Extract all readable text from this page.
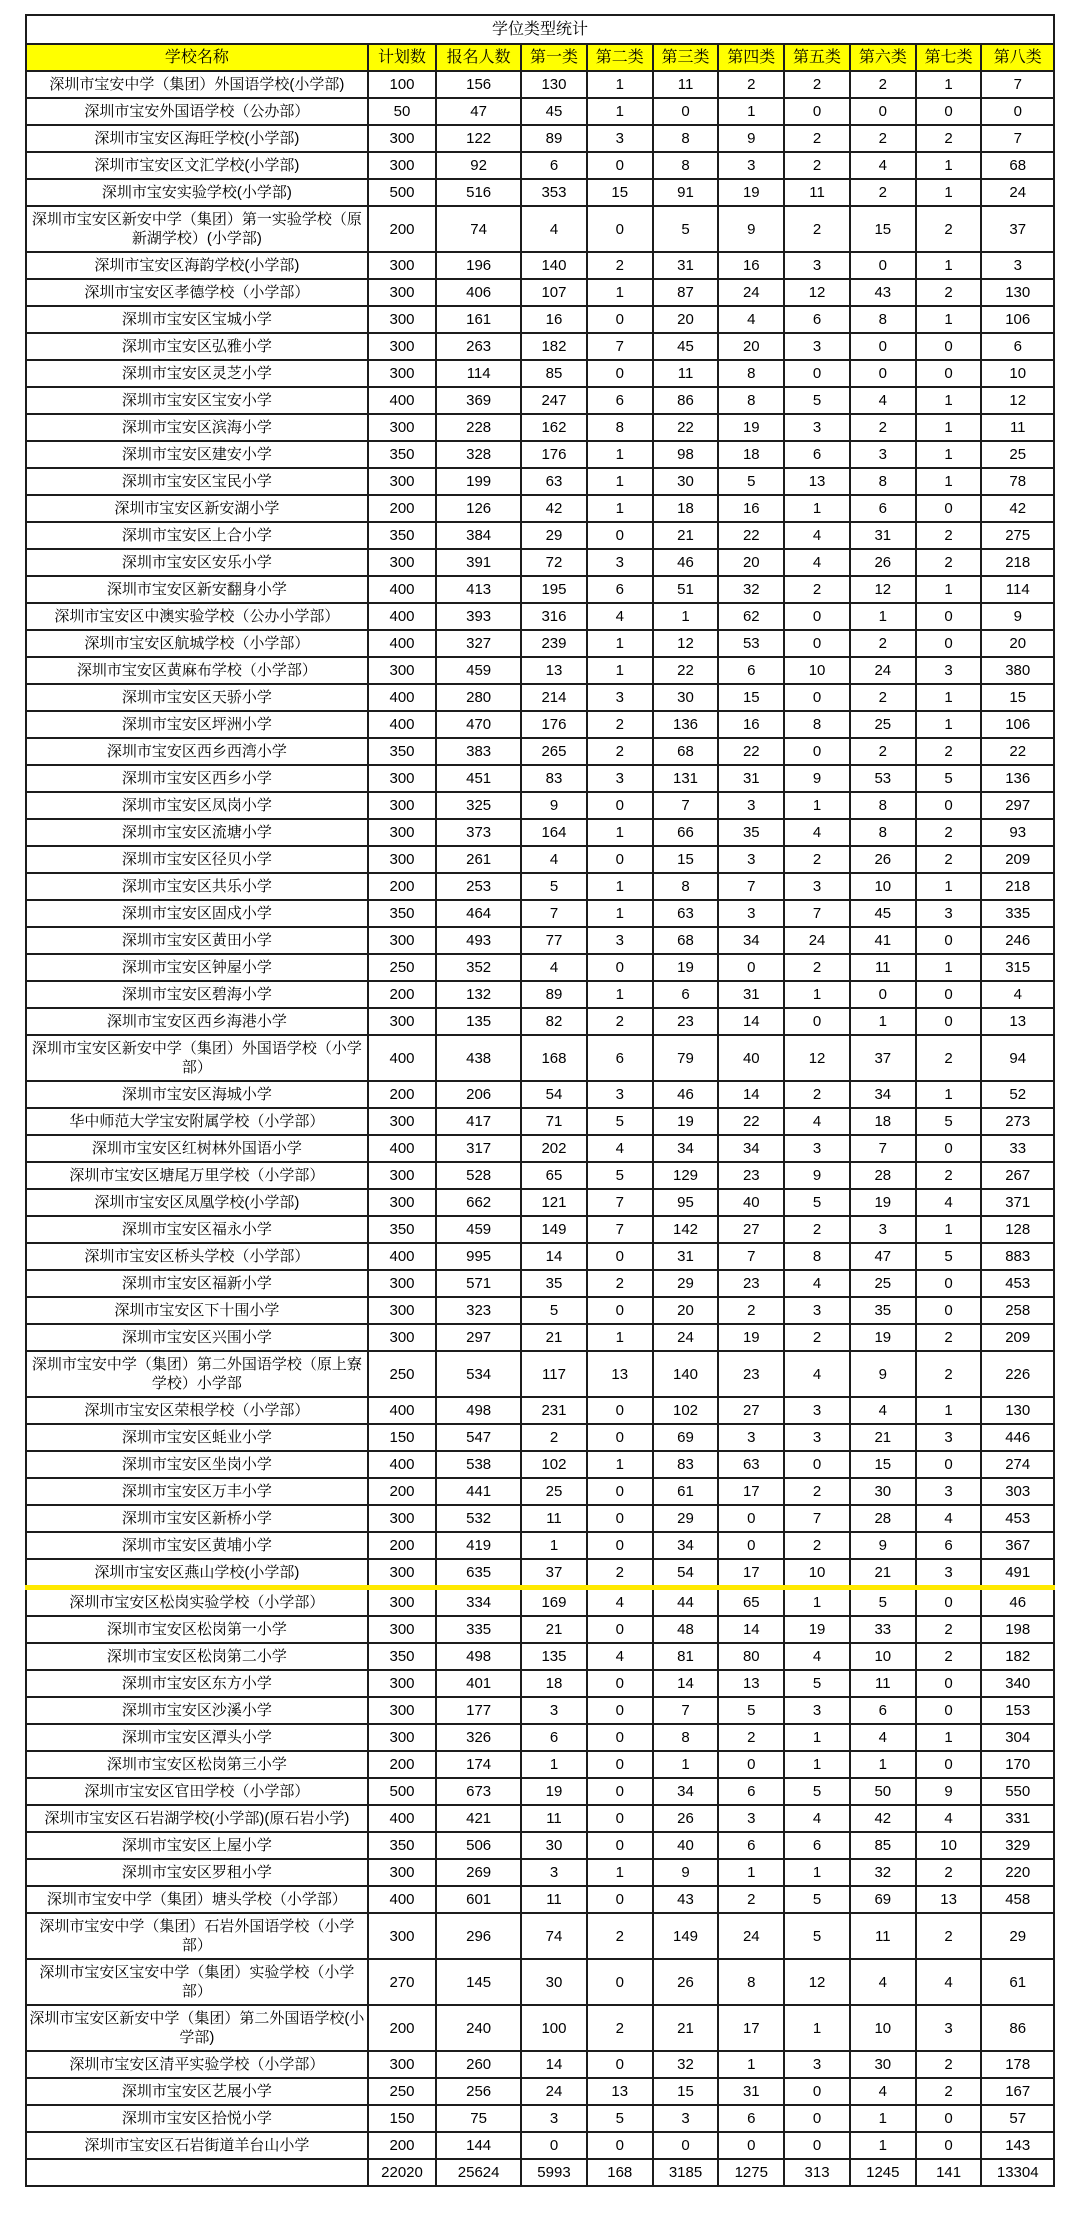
学位类型统计										
学校名称	计划数	报名人数	第一类	第二类	第三类	第四类	第五类	第六类	第七类	第八类
深圳市宝安中学（集团）外国语学校(小学部)	100	156	130	1	11	2	2	2	1	7
深圳市宝安外国语学校（公办部）	50	47	45	1	0	1	0	0	0	0
深圳市宝安区海旺学校(小学部)	300	122	89	3	8	9	2	2	2	7
深圳市宝安区文汇学校(小学部)	300	92	6	0	8	3	2	4	1	68
深圳市宝安实验学校(小学部)	500	516	353	15	91	19	11	2	1	24
深圳市宝安区新安中学（集团）第一实验学校（原新湖学校）(小学部)	200	74	4	0	5	9	2	15	2	37
深圳市宝安区海韵学校(小学部)	300	196	140	2	31	16	3	0	1	3
深圳市宝安区孝德学校（小学部）	300	406	107	1	87	24	12	43	2	130
深圳市宝安区宝城小学	300	161	16	0	20	4	6	8	1	106
深圳市宝安区弘雅小学	300	263	182	7	45	20	3	0	0	6
深圳市宝安区灵芝小学	300	114	85	0	11	8	0	0	0	10
深圳市宝安区宝安小学	400	369	247	6	86	8	5	4	1	12
深圳市宝安区滨海小学	300	228	162	8	22	19	3	2	1	11
深圳市宝安区建安小学	350	328	176	1	98	18	6	3	1	25
深圳市宝安区宝民小学	300	199	63	1	30	5	13	8	1	78
深圳市宝安区新安湖小学	200	126	42	1	18	16	1	6	0	42
深圳市宝安区上合小学	350	384	29	0	21	22	4	31	2	275
深圳市宝安区安乐小学	300	391	72	3	46	20	4	26	2	218
深圳市宝安区新安翻身小学	400	413	195	6	51	32	2	12	1	114
深圳市宝安区中澳实验学校（公办小学部）	400	393	316	4	1	62	0	1	0	9
深圳市宝安区航城学校（小学部）	400	327	239	1	12	53	0	2	0	20
深圳市宝安区黄麻布学校（小学部）	300	459	13	1	22	6	10	24	3	380
深圳市宝安区天骄小学	400	280	214	3	30	15	0	2	1	15
深圳市宝安区坪洲小学	400	470	176	2	136	16	8	25	1	106
深圳市宝安区西乡西湾小学	350	383	265	2	68	22	0	2	2	22
深圳市宝安区西乡小学	300	451	83	3	131	31	9	53	5	136
深圳市宝安区凤岗小学	300	325	9	0	7	3	1	8	0	297
深圳市宝安区流塘小学	300	373	164	1	66	35	4	8	2	93
深圳市宝安区径贝小学	300	261	4	0	15	3	2	26	2	209
深圳市宝安区共乐小学	200	253	5	1	8	7	3	10	1	218
深圳市宝安区固戍小学	350	464	7	1	63	3	7	45	3	335
深圳市宝安区黄田小学	300	493	77	3	68	34	24	41	0	246
深圳市宝安区钟屋小学	250	352	4	0	19	0	2	11	1	315
深圳市宝安区碧海小学	200	132	89	1	6	31	1	0	0	4
深圳市宝安区西乡海港小学	300	135	82	2	23	14	0	1	0	13
深圳市宝安区新安中学（集团）外国语学校（小学部）	400	438	168	6	79	40	12	37	2	94
深圳市宝安区海城小学	200	206	54	3	46	14	2	34	1	52
华中师范大学宝安附属学校（小学部）	300	417	71	5	19	22	4	18	5	273
深圳市宝安区红树林外国语小学	400	317	202	4	34	34	3	7	0	33
深圳市宝安区塘尾万里学校（小学部）	300	528	65	5	129	23	9	28	2	267
深圳市宝安区凤凰学校(小学部)	300	662	121	7	95	40	5	19	4	371
深圳市宝安区福永小学	350	459	149	7	142	27	2	3	1	128
深圳市宝安区桥头学校（小学部）	400	995	14	0	31	7	8	47	5	883
深圳市宝安区福新小学	300	571	35	2	29	23	4	25	0	453
深圳市宝安区下十围小学	300	323	5	0	20	2	3	35	0	258
深圳市宝安区兴围小学	300	297	21	1	24	19	2	19	2	209
深圳市宝安中学（集团）第二外国语学校（原上寮学校）小学部	250	534	117	13	140	23	4	9	2	226
深圳市宝安区荣根学校（小学部）	400	498	231	0	102	27	3	4	1	130
深圳市宝安区蚝业小学	150	547	2	0	69	3	3	21	3	446
深圳市宝安区坐岗小学	400	538	102	1	83	63	0	15	0	274
深圳市宝安区万丰小学	200	441	25	0	61	17	2	30	3	303
深圳市宝安区新桥小学	300	532	11	0	29	0	7	28	4	453
深圳市宝安区黄埔小学	200	419	1	0	34	0	2	9	6	367
深圳市宝安区燕山学校(小学部)	300	635	37	2	54	17	10	21	3	491
深圳市宝安区松岗实验学校（小学部）	300	334	169	4	44	65	1	5	0	46
深圳市宝安区松岗第一小学	300	335	21	0	48	14	19	33	2	198
深圳市宝安区松岗第二小学	350	498	135	4	81	80	4	10	2	182
深圳市宝安区东方小学	300	401	18	0	14	13	5	11	0	340
深圳市宝安区沙溪小学	300	177	3	0	7	5	3	6	0	153
深圳市宝安区潭头小学	300	326	6	0	8	2	1	4	1	304
深圳市宝安区松岗第三小学	200	174	1	0	1	0	1	1	0	170
深圳市宝安区官田学校（小学部）	500	673	19	0	34	6	5	50	9	550
深圳市宝安区石岩湖学校(小学部)(原石岩小学)	400	421	11	0	26	3	4	42	4	331
深圳市宝安区上屋小学	350	506	30	0	40	6	6	85	10	329
深圳市宝安区罗租小学	300	269	3	1	9	1	1	32	2	220
深圳市宝安中学（集团）塘头学校（小学部）	400	601	11	0	43	2	5	69	13	458
深圳市宝安中学（集团）石岩外国语学校（小学部）	300	296	74	2	149	24	5	11	2	29
深圳市宝安区宝安中学（集团）实验学校（小学部）	270	145	30	0	26	8	12	4	4	61
深圳市宝安区新安中学（集团）第二外国语学校(小学部)	200	240	100	2	21	17	1	10	3	86
深圳市宝安区清平实验学校（小学部）	300	260	14	0	32	1	3	30	2	178
深圳市宝安区艺展小学	250	256	24	13	15	31	0	4	2	167
深圳市宝安区拾悦小学	150	75	3	5	3	6	0	1	0	57
深圳市宝安区石岩街道羊台山小学	200	144	0	0	0	0	0	1	0	143
	22020	25624	5993	168	3185	1275	313	1245	141	13304
